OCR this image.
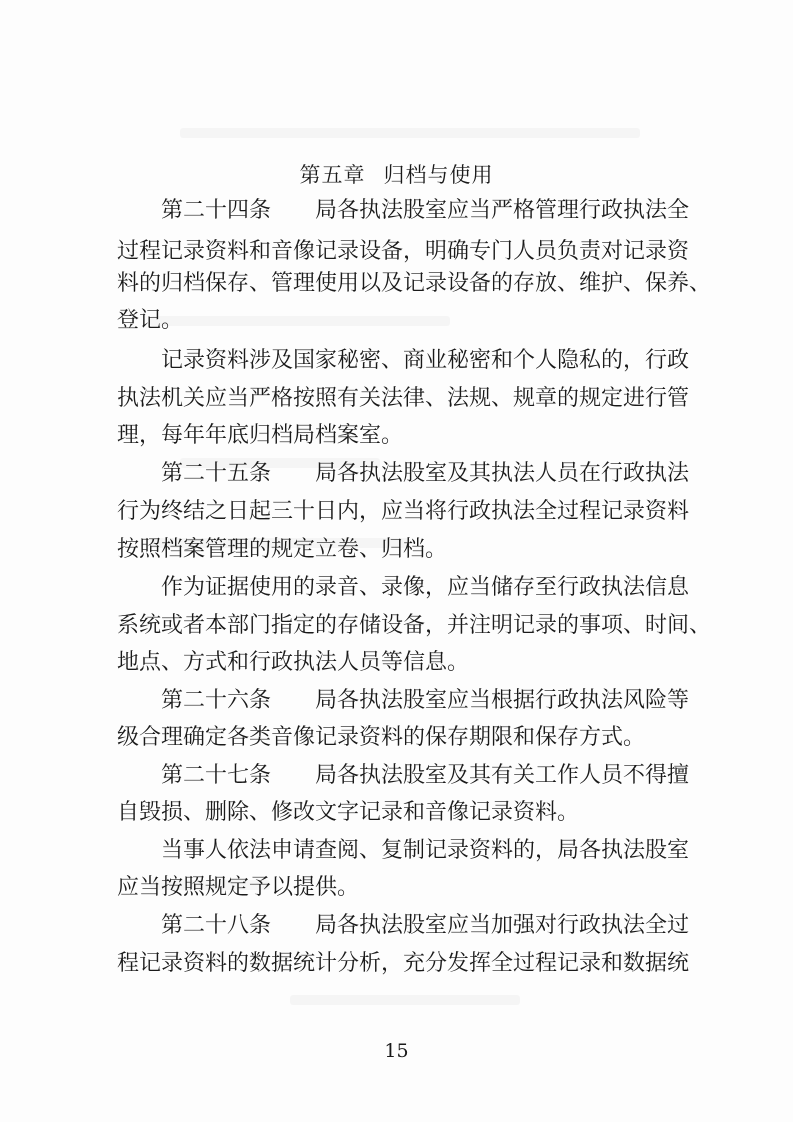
第五章 归档与使用
第二十四条　　局各执法股室应当严格管理行政执法全
过程记录资料和音像记录设备，明确专门人员负责对记录资
料的归档保存、管理使用以及记录设备的存放、维护、保养、
登记。
记录资料涉及国家秘密、商业秘密和个人隐私的，行政
执法机关应当严格按照有关法律、法规、规章的规定进行管
理，每年年底归档局档案室。
第二十五条　　局各执法股室及其执法人员在行政执法
行为终结之日起三十日内，应当将行政执法全过程记录资料
按照档案管理的规定立卷、归档。
作为证据使用的录音、录像，应当储存至行政执法信息
系统或者本部门指定的存储设备，并注明记录的事项、时间、
地点、方式和行政执法人员等信息。
第二十六条　　局各执法股室应当根据行政执法风险等
级合理确定各类音像记录资料的保存期限和保存方式。
第二十七条　　局各执法股室及其有关工作人员不得擅
自毁损、删除、修改文字记录和音像记录资料。
当事人依法申请查阅、复制记录资料的，局各执法股室
应当按照规定予以提供。
第二十八条　　局各执法股室应当加强对行政执法全过
程记录资料的数据统计分析，充分发挥全过程记录和数据统
15
